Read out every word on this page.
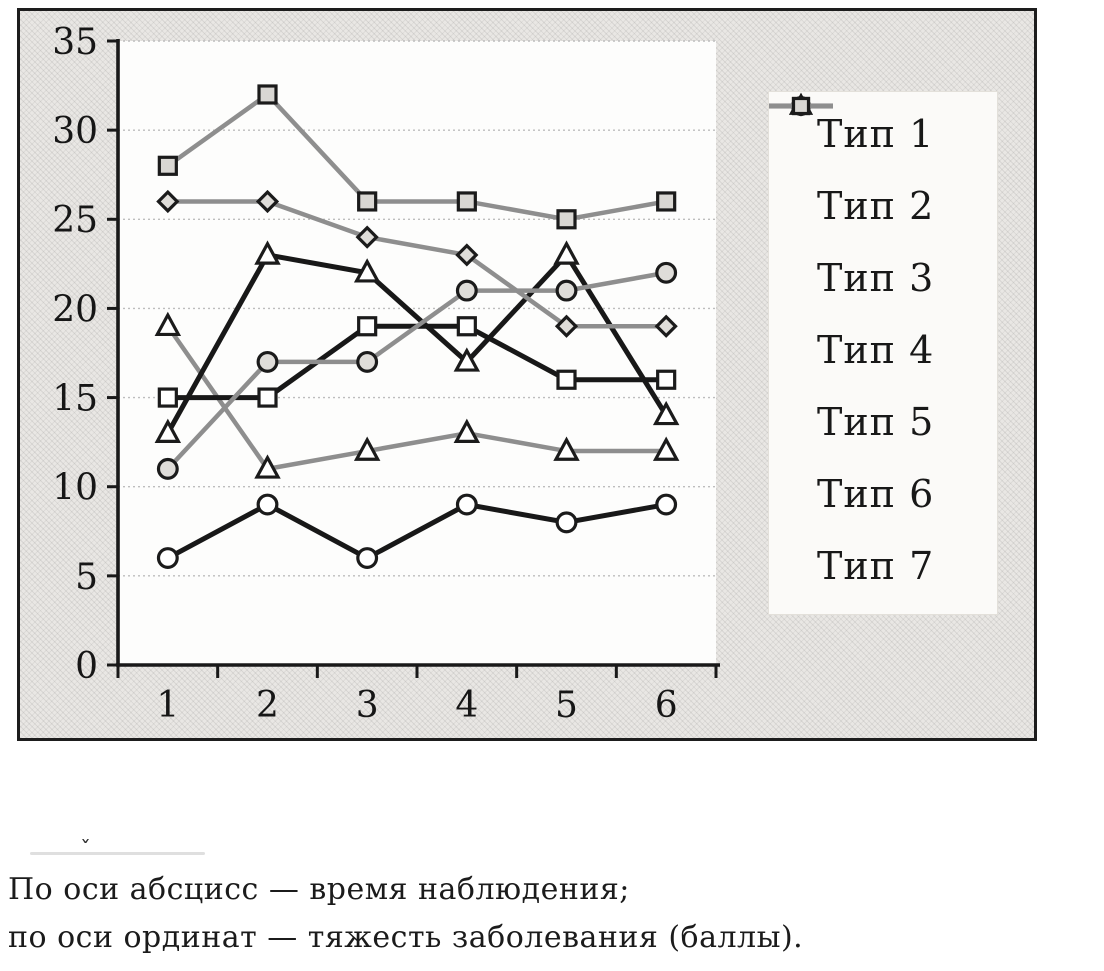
0
5
10
15
20
25
30
35
1 2 3 4 5 6
Тип 1
Тип 2
Тип 3
Тип 4
Тип 5
Тип 6
Тип 7
ˇ

По оси абсцисс — время наблюдения;

по оси ординат — тяжесть заболевания (баллы).
